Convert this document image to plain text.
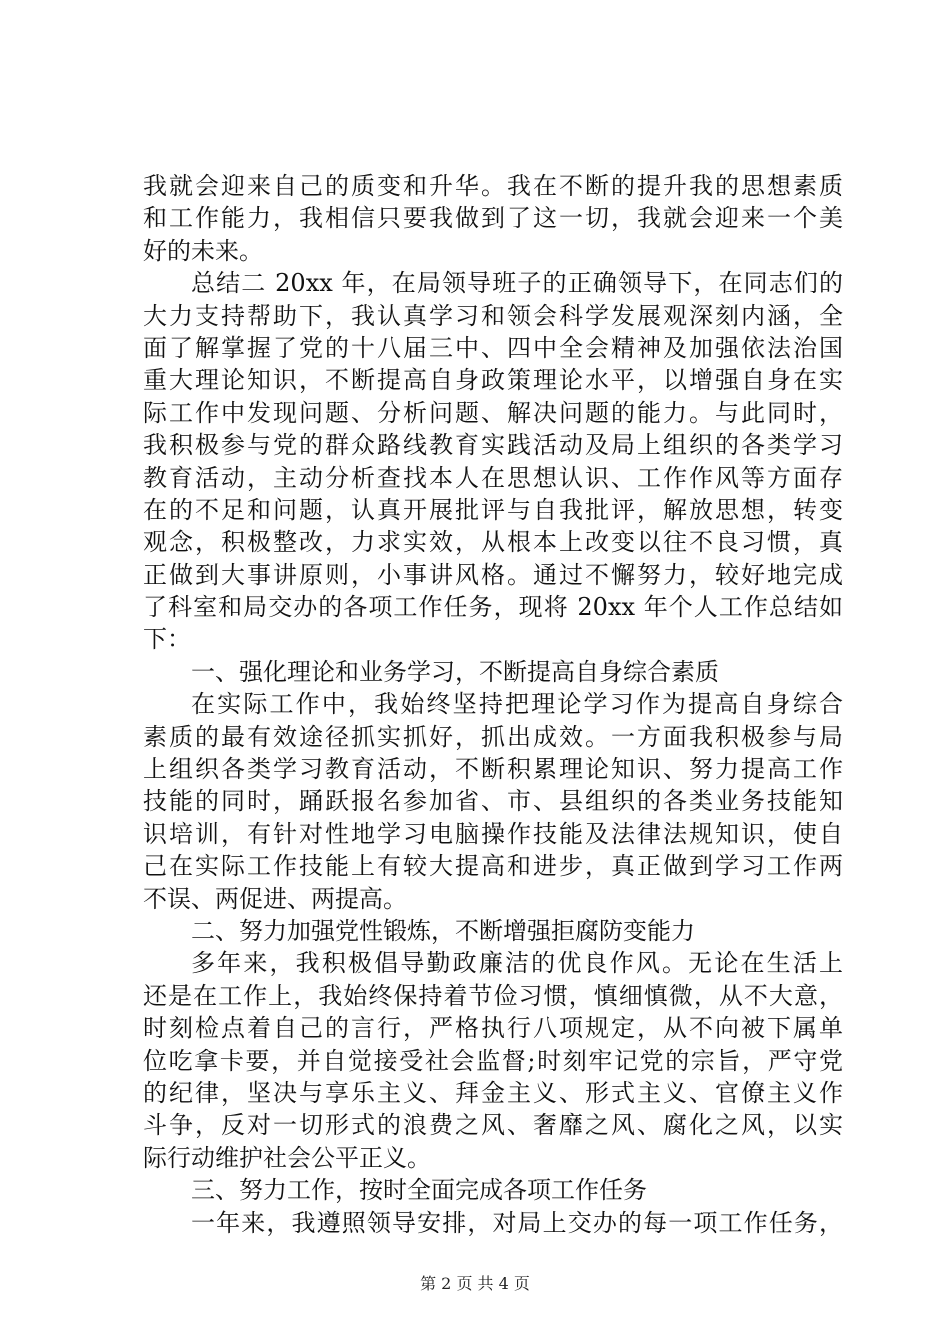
我就会迎来自己的质变和升华。我在不断的提升我的思想素质
和工作能力，我相信只要我做到了这一切，我就会迎来一个美
好的未来。
总结二 20xx 年，在局领导班子的正确领导下，在同志们的
大力支持帮助下，我认真学习和领会科学发展观深刻内涵，全
面了解掌握了党的十八届三中、四中全会精神及加强依法治国
重大理论知识，不断提高自身政策理论水平，以增强自身在实
际工作中发现问题、分析问题、解决问题的能力。与此同时，
我积极参与党的群众路线教育实践活动及局上组织的各类学习
教育活动，主动分析查找本人在思想认识、工作作风等方面存
在的不足和问题，认真开展批评与自我批评，解放思想，转变
观念，积极整改，力求实效，从根本上改变以往不良习惯，真
正做到大事讲原则，小事讲风格。通过不懈努力，较好地完成
了科室和局交办的各项工作任务，现将 20xx 年个人工作总结如
下：
一、强化理论和业务学习，不断提高自身综合素质
在实际工作中，我始终坚持把理论学习作为提高自身综合
素质的最有效途径抓实抓好，抓出成效。一方面我积极参与局
上组织各类学习教育活动，不断积累理论知识、努力提高工作
技能的同时，踊跃报名参加省、市、县组织的各类业务技能知
识培训，有针对性地学习电脑操作技能及法律法规知识，使自
己在实际工作技能上有较大提高和进步，真正做到学习工作两
不误、两促进、两提高。
二、努力加强党性锻炼，不断增强拒腐防变能力
多年来，我积极倡导勤政廉洁的优良作风。无论在生活上
还是在工作上，我始终保持着节俭习惯，慎细慎微，从不大意，
时刻检点着自己的言行，严格执行八项规定，从不向被下属单
位吃拿卡要，并自觉接受社会监督;时刻牢记党的宗旨，严守党
的纪律，坚决与享乐主义、拜金主义、形式主义、官僚主义作
斗争，反对一切形式的浪费之风、奢靡之风、腐化之风，以实
际行动维护社会公平正义。
三、努力工作，按时全面完成各项工作任务
一年来，我遵照领导安排，对局上交办的每一项工作任务，
第 2 页 共 4 页
